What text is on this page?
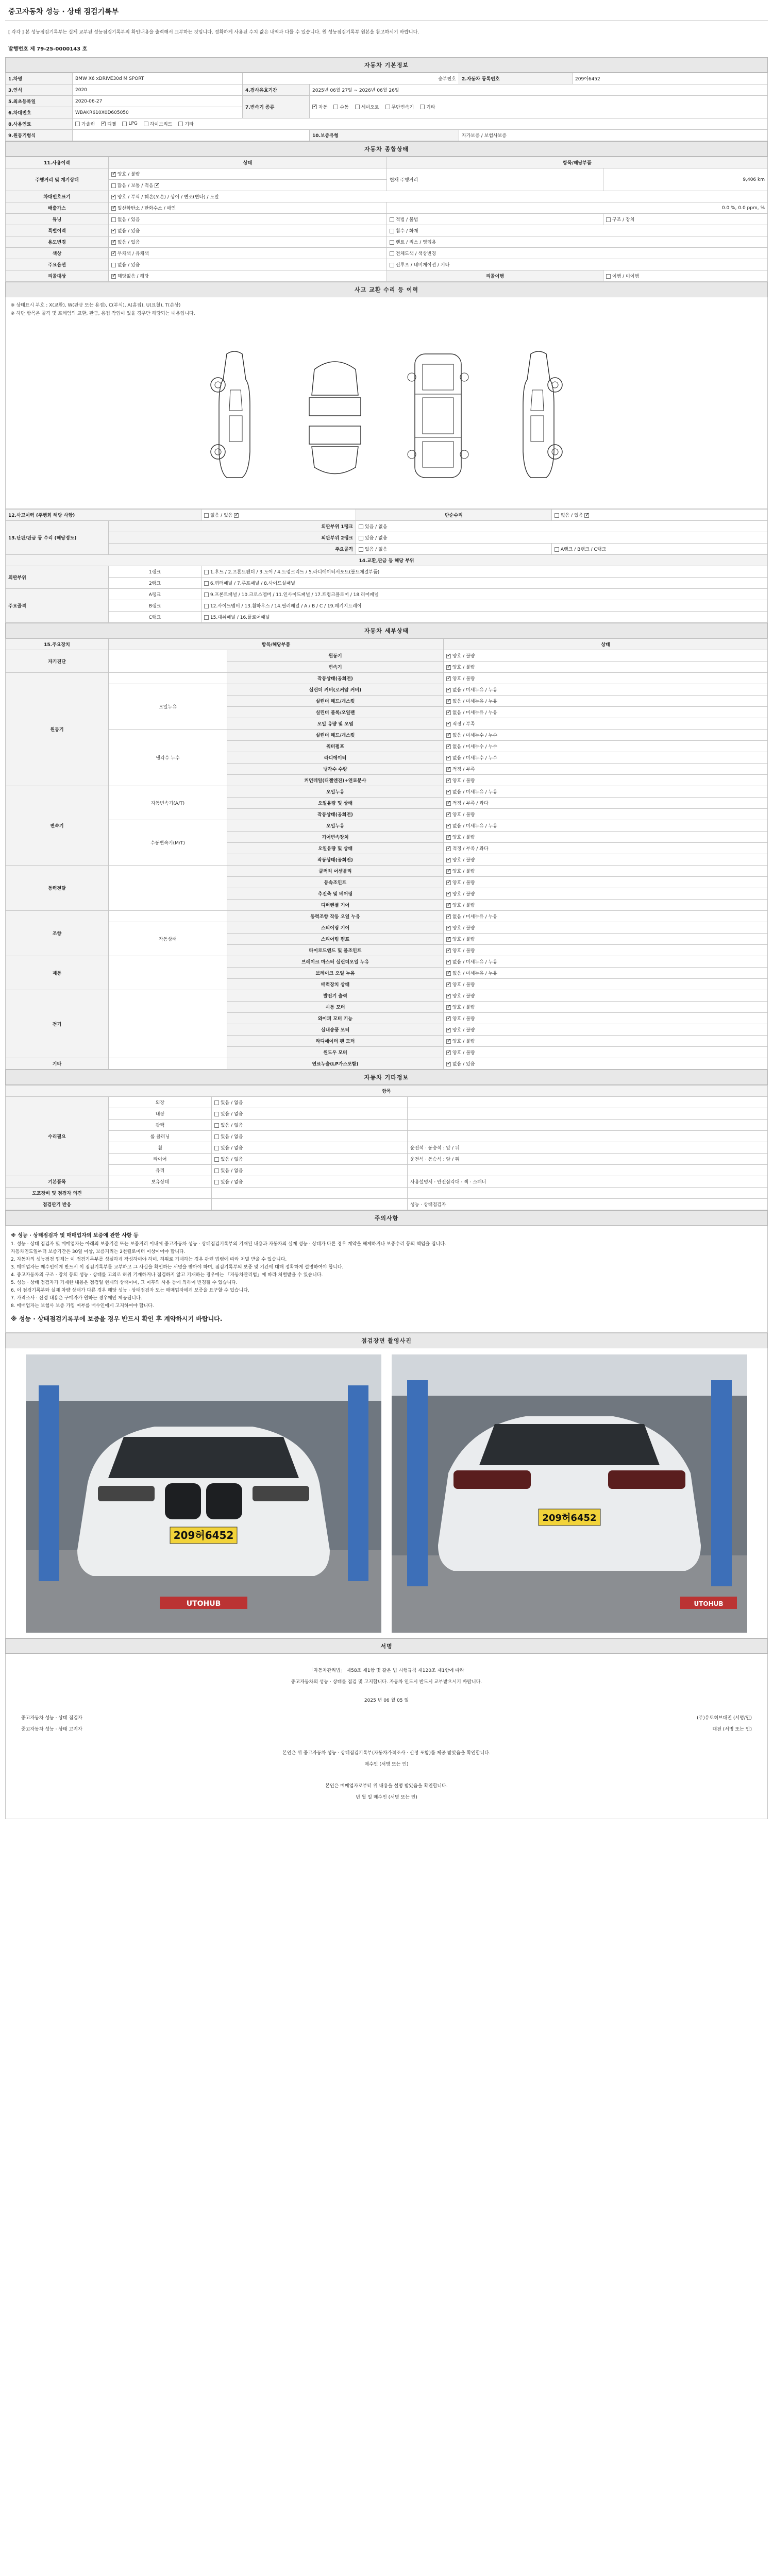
중고자동차 성능 · 상태 점검기록부
[ 각각 ] 본 성능점검기록부는 실제 교부된 성능점검기록부의 확인내용을 출력해서 교부하는 것입니다. 정확하게 사용된 수치 값은 내역과 다를 수 있습니다. 원 성능점검기록부 원본을 참고하시기 바랍니다.
발행번호 제 79-25-0000143 호
자동차 기본정보
1.차명	BMW X6 xDRIVE30d M SPORT	승부번호		2.자동차 등록번호	209어6452
3.연식	2020	4.검사유효기간	2025년 06월 27일 ~ 2026년 06월 26일		
5.최초등록일	2020-06-27	7.변속기 종류	
✓자동 수동 세미오토 무단변속기 기타

6.차대번호	WBAKR610X0D605050				
8.사용연료	가솔린 ✓ 디젤 LPG 하이브리드 기타

9.원동기형식			10.보증유형	자가보증 / 보험사보증	
자동차 종합상태
11.사용이력	상태	항목/해당부품	
주행거리 및 계기상태	✓ 양호 / 불량	현재 주행거리	9,406 km
	많음 / 보통 / 적음 ✓
차대번호표기	✓양호 / 부식 / 훼손(오손) / 상이 / 변조(변타) / 도말
배출가스	✓일산화탄소 / 탄화수소 / 매연	0.0 %, 0.0 ppm, %	
튜닝	없음 / 있음	적법 / 불법	구조 / 장치
특별이력	✓없음 / 있음	침수 / 화재	
용도변경	✓없음 / 있음	렌트 / 리스 / 영업용	
색상	✓무채색 / 유채색	전체도색 / 색상변경	
주요옵션	없음 / 있음	선루프 / 네비게이션 / 기타	
리콜대상	✓해당없음 / 해당	리콜이행	이행 / 미이행
사고 교환 수리 등 이력
※ 상태표시 부호 : X(교환), W(판금 또는 용접), C(부식), A(흠집), U(요철), T(손상)
※ 하단 항목은 골격 및 프레임의 교환, 판금, 용접 작업이 있을 경우만 해당되는 내용입니다.
12.사고이력 (주행회 해당 사항)		없음 / 있음 ✓	단순수리	없음 / 있음 ✓
13.단판/판금 등 수리 (해당정도)	외판부위 1랭크		있음 / 없음	
	외판부위 2랭크		있음 / 없음	
	주요골격		있음 / 없음	A랭크 / B랭크 / C랭크
14.교환,판금 등 해당 부위				
외판부위	1랭크	1.후드 / 2.프론트펜더 / 3.도어 / 4.트렁크리드 / 5.라디에이터서포트(볼트체결부품)		
	2랭크	6.쿼터패널 / 7.루프패널 / 8.사이드실패널		
주요골격	A랭크	9.프론트패널 / 10.크로스멤버 / 11.인사이드패널 / 17.트렁크플로어 / 18.리어패널		
	B랭크	12.사이드멤버 / 13.휠하우스 / 14.필러패널 / A / B / C / 19.패키지트레이		
	C랭크	15.대쉬패널 / 16.플로어패널		
자동차 세부상태
15.주요장치	항목/해당부품		상태
자기진단		원동기	✓양호 / 불량
		변속기	✓양호 / 불량
원동기		작동상태(공회전)	✓양호 / 불량
	오일누유	실린더 커버(로커암 커버)	✓없음 / 미세누유 / 누유
		실린더 헤드/개스킷	✓없음 / 미세누유 / 누유
		실린더 블록/오일팬	✓없음 / 미세누유 / 누유
		오일 유량 및 오염	✓적정 / 부족
	냉각수 누수	실린더 헤드/개스킷	✓없음 / 미세누수 / 누수
		워터펌프	✓없음 / 미세누수 / 누수
		라디에이터	✓없음 / 미세누수 / 누수
		냉각수 수량	✓적정 / 부족
		커먼레일(디젤엔진)+연료분사	✓양호 / 불량
변속기	자동변속기(A/T)	오일누유	✓없음 / 미세누유 / 누유
		오일유량 및 상태	✓적정 / 부족 / 과다
		작동상태(공회전)	✓양호 / 불량
	수동변속기(M/T)	오일누유	✓없음 / 미세누유 / 누유
		기어변속장치	✓양호 / 불량
		오일유량 및 상태	✓적정 / 부족 / 과다
		작동상태(공회전)	✓양호 / 불량
동력전달		클러치 어셈블리	✓양호 / 불량
		등속조인트	✓양호 / 불량
		추진축 및 베어링	✓양호 / 불량
		디퍼렌셜 기어	✓양호 / 불량
조향		동력조향 작동 오일 누유	✓없음 / 미세누유 / 누유
	작동상태	스티어링 기어	✓양호 / 불량
		스티어링 펌프	✓양호 / 불량
		타이로드엔드 및 볼조인트	✓양호 / 불량
제동		브레이크 마스터 실린더오일 누유	✓없음 / 미세누유 / 누유
		브레이크 오일 누유	✓없음 / 미세누유 / 누유
		배력장치 상태	✓양호 / 불량
전기		발전기 출력	✓양호 / 불량
		시동 모터	✓양호 / 불량
		와이퍼 모터 기능	✓양호 / 불량
		실내송풍 모터	✓양호 / 불량
		라디에이터 팬 모터	✓양호 / 불량
		윈도우 모터	✓양호 / 불량
기타		연료누출(LP가스포함)	✓없음 / 있음
자동차 기타정보
항목			
수리필요	외장	있음 / 없음	
	내장	있음 / 없음	
	광택	있음 / 없음	
	룸 클리닝	있음 / 없음	
	휠	있음 / 없음	운전석 · 동승석 : 앞 / 뒤
	타이어	있음 / 없음	운전석 · 동승석 : 앞 / 뒤
	유리	있음 / 없음	
기본품목	보유상태	있음 / 없음	사용설명서 · 안전삼각대 · 잭 · 스패너
도포장비 및 점검자 의견			
점검판기 반응			성능 · 상태점검자
주의사항
※ 성능 · 상태점검자 및 매매업자의 보증에 관한 사항 등

1. 성능 · 상태 점검자 및 매매업자는 아래의 보증기간 또는 보증거리 이내에 중고자동차 성능 · 상태점검기록부의 기재된 내용과 자동차의 실제 성능 · 상태가 다른 경우 계약을 해제하거나 보증수리 등의 책임을 집니다.

자동차인도일부터 보증기간은 30일 이상, 보증거리는 2천킬로미터 이상이어야 합니다.

2. 자동차의 성능점검 업체는 이 점검기록부를 성실하게 작성하여야 하며, 허위로 기재하는 경우 관련 법령에 따라 처벌 받을 수 있습니다.

3. 매매업자는 매수인에게 반드시 이 점검기록부를 교부하고 그 사실을 확인하는 서명을 받아야 하며, 점검기록부의 보증 및 기간에 대해 정확하게 설명하여야 합니다.

4. 중고자동차의 구조 · 장치 등의 성능 · 상태를 고의로 허위 기재하거나 점검하지 않고 기재하는 경우에는 「자동차관리법」에 따라 처벌받을 수 있습니다.

5. 성능 · 상태 점검자가 기재한 내용은 점검일 현재의 상태이며, 그 이후의 사용 등에 의하여 변경될 수 있습니다.

6. 이 점검기록부와 실제 차량 상태가 다른 경우 해당 성능 · 상태점검자 또는 매매업자에게 보증을 요구할 수 있습니다.

7. 가격조사 · 산정 내용은 구매자가 원하는 경우에만 제공됩니다.

8. 매매업자는 보험사 보증 가입 여부를 매수인에게 고지하여야 합니다.

※ 성능 · 상태점검기록부에 보증을 경우 반드시 확인 후 계약하시기 바랍니다.
점검장면 촬영사진
209허6452
UTOHUB
209허6452
UTOHUB
서명

「자동차관리법」 제58조 제1항 및 같은 법 시행규칙 제120조 제1항에 따라

중고자동차의 성능 · 상태를 점검 및 고지합니다. 자동차 인도시 반드시 교부받으시기 바랍니다.

2025 년 06 월 05 일

중고자동차 성능 · 상태 점검자	(주)유토허브대전 (서명/인)
중고자동차 성능 · 상태 고지자	대전 (서명 또는 인)

본인은 위 중고자동차 성능 · 상태점검기록부(자동차가격조사 · 산정 포함)를 제공 받았음을 확인합니다.

매수인 (서명 또는 인)

본인은 매매업자로부터 위 내용을 설명 받았음을 확인합니다.

년 월 일 매수인 (서명 또는 인)
